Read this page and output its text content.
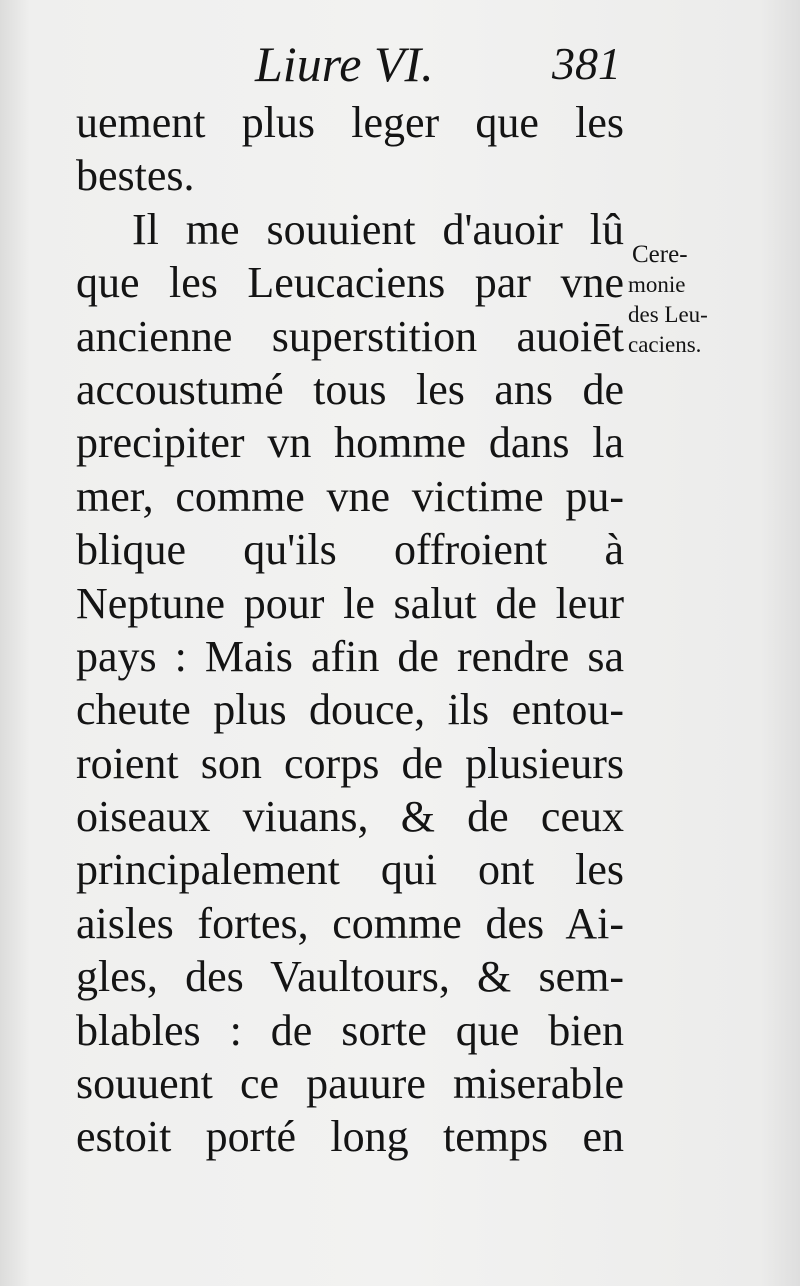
Liure VI.	381
uement plus leger que les
bestes.
Il me souuient d'auoir lû
que les Leucaciens par vne
ancienne superstition auoiēt
accoustumé tous les ans de
precipiter vn homme dans la
mer, comme vne victime pu-
blique qu'ils offroient à
Neptune pour le salut de leur
pays : Mais afin de rendre sa
cheute plus douce, ils entou-
roient son corps de plusieurs
oiseaux viuans, & de ceux
principalement qui ont les
aisles fortes, comme des Ai-
gles, des Vaultours, & sem-
blables : de sorte que bien
souuent ce pauure miserable
estoit porté long temps en
Cere-
monie
des Leu-
caciens.
